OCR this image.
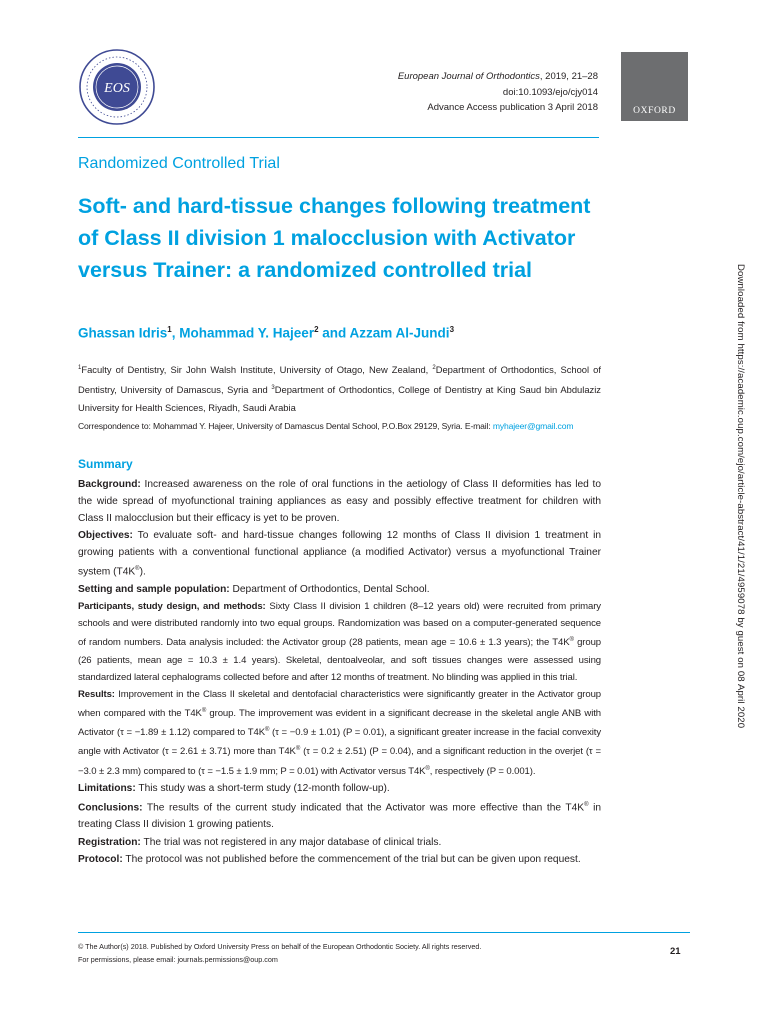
EOS
European Journal of Orthodontics, 2019, 21–28
doi:10.1093/ejo/cjy014
Advance Access publication 3 April 2018	OXFORD
Randomized Controlled Trial
Soft- and hard-tissue changes following treatment of Class II division 1 malocclusion with Activator versus Trainer: a randomized controlled trial
Ghassan Idris$^1$, Mohammad Y. Hajeer$^2$ and Azzam Al-Jundi$^3$
$^1$Faculty of Dentistry, Sir John Walsh Institute, University of Otago, New Zealand, $^2$Department of Orthodontics, School of Dentistry, University of Damascus, Syria and $^3$Department of Orthodontics, College of Dentistry at King Saud bin Abdulaziz University for Health Sciences, Riyadh, Saudi Arabia
Correspondence to: Mohammad Y. Hajeer, University of Damascus Dental School, P.O.Box 29129, Syria. E-mail: myhajeer@gmail.com
Summary

Background: Increased awareness on the role of oral functions in the aetiology of Class II deformities has led to the wide spread of myofunctional training appliances as easy and possibly effective treatment for children with Class II malocclusion but their efficacy is yet to be proven.

Objectives: To evaluate soft- and hard-tissue changes following 12 months of Class II division 1 treatment in growing patients with a conventional functional appliance (a modified Activator) versus a myofunctional Trainer system (T4K®).

Setting and sample population: Department of Orthodontics, Dental School.

Participants, study design, and methods: Sixty Class II division 1 children (8–12 years old) were recruited from primary schools and were distributed randomly into two equal groups. Randomization was based on a computer-generated sequence of random numbers. Data analysis included: the Activator group (28 patients, mean age = 10.6 ± 1.3 years); the T4K® group (26 patients, mean age = 10.3 ± 1.4 years). Skeletal, dentoalveolar, and soft tissues changes were assessed using standardized lateral cephalograms collected before and after 12 months of treatment. No blinding was applied in this trial.

Results: Improvement in the Class II skeletal and dentofacial characteristics were significantly greater in the Activator group when compared with the T4K® group. The improvement was evident in a significant decrease in the skeletal angle ANB with Activator (τ = −1.89 ± 1.12) compared to T4K® (τ = −0.9 ± 1.01) (P = 0.01), a significant greater increase in the facial convexity angle with Activator (τ = 2.61 ± 3.71) more than T4K® (τ = 0.2 ± 2.51) (P = 0.04), and a significant reduction in the overjet (τ = −3.0 ± 2.3 mm) compared to (τ = −1.5 ± 1.9 mm; P = 0.01) with Activator versus T4K®, respectively (P = 0.001).

Limitations: This study was a short-term study (12-month follow-up).

Conclusions: The results of the current study indicated that the Activator was more effective than the T4K® in treating Class II division 1 growing patients.

Registration: The trial was not registered in any major database of clinical trials.

Protocol: The protocol was not published before the commencement of the trial but can be given upon request.

© The Author(s) 2018. Published by Oxford University Press on behalf of the European Orthodontic Society. All rights reserved.
For permissions, please email: journals.permissions@oup.com
21
Downloaded from https://academic.oup.com/ejo/article-abstract/41/1/21/4959078 by guest on 08 April 2020
